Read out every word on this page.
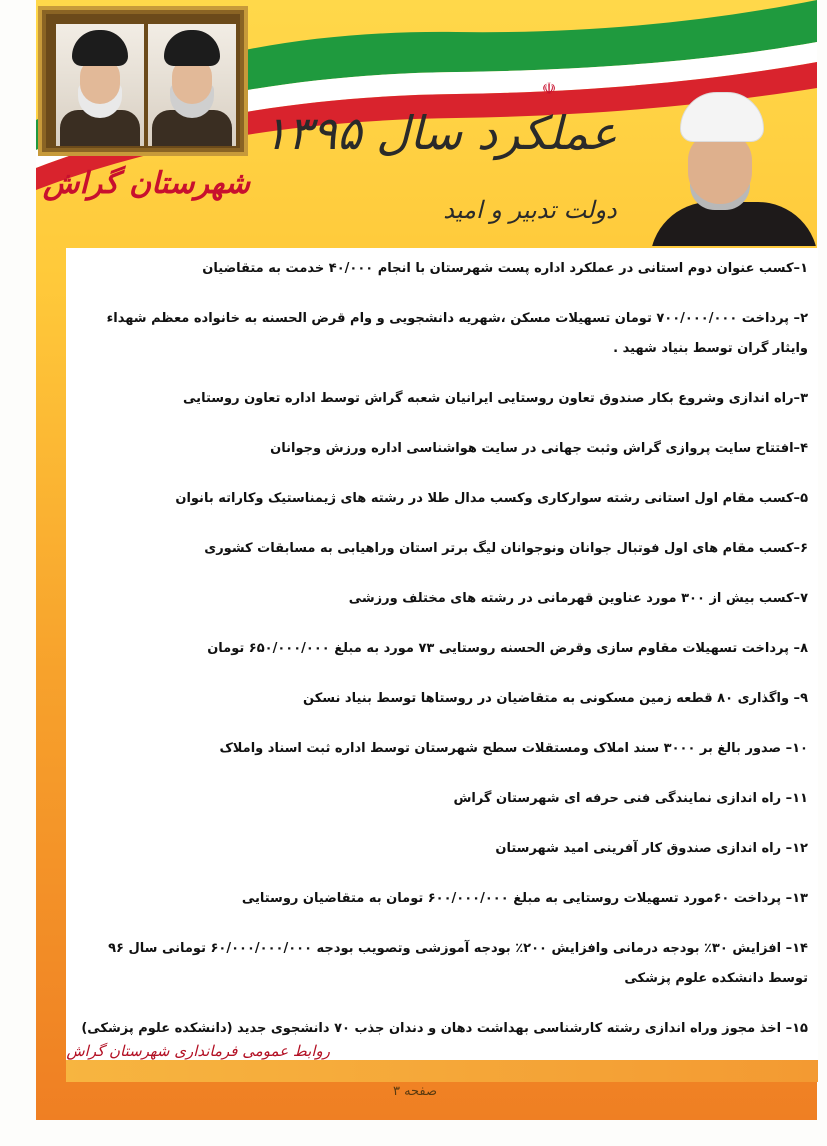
☫
عملکرد سال ۱۳۹۵
دولت تدبیر و امید
شهرستان گراش

۱–کسب عنوان دوم استانی در عملکرد اداره پست شهرستان با انجام ۴۰/۰۰۰ خدمت به متقاضیان

۲– پرداخت ۷۰۰/۰۰۰/۰۰۰ تومان تسهیلات مسکن ،شهریه دانشجویی و وام قرض الحسنه به خانواده معظم شهداء وایثار گران توسط بنیاد شهید .

۳–راه اندازی وشروع بکار صندوق تعاون روستایی ایرانیان شعبه گراش توسط اداره تعاون روستایی

۴–افتتاح سایت پروازی گراش وثبت جهانی در سایت هواشناسی اداره ورزش وجوانان

۵–کسب مقام اول استانی رشته سوارکاری وکسب مدال طلا در رشته های ژیمناستیک وکاراته بانوان

۶–کسب مقام های اول فوتبال جوانان ونوجوانان لیگ برتر استان وراهیابی به مسابقات کشوری

۷–کسب بیش از ۳۰۰ مورد عناوین قهرمانی در رشته های مختلف ورزشی

۸– پرداخت تسهیلات مقاوم سازی وقرض الحسنه روستایی ۷۳ مورد به مبلغ ۶۵۰/۰۰۰/۰۰۰ تومان

۹– واگذاری ۸۰ قطعه زمین مسکونی به متقاضیان در روستاها توسط بنیاد نسکن

۱۰– صدور بالغ بر ۳۰۰۰ سند املاک ومستقلات سطح شهرستان توسط اداره ثبت اسناد واملاک

۱۱– راه اندازی نمایندگی فنی حرفه ای شهرستان گراش

۱۲– راه اندازی صندوق کار آفرینی امید شهرستان

۱۳– پرداخت ۶۰مورد تسهیلات روستایی به مبلغ ۶۰۰/۰۰۰/۰۰۰ تومان به متقاضیان روستایی

۱۴– افزایش ۳۰٪ بودجه درمانی وافزایش ۲۰۰٪ بودجه آموزشی وتصویب بودجه ۶۰/۰۰۰/۰۰۰/۰۰۰ تومانی سال ۹۶ توسط دانشکده علوم پزشکی

۱۵– اخذ مجوز وراه اندازی رشته کارشناسی بهداشت دهان و دندان جذب ۷۰ دانشجوی جدید (دانشکده علوم پزشکی)

روابط عمومی فرمانداری شهرستان گراش
صفحه ۳
